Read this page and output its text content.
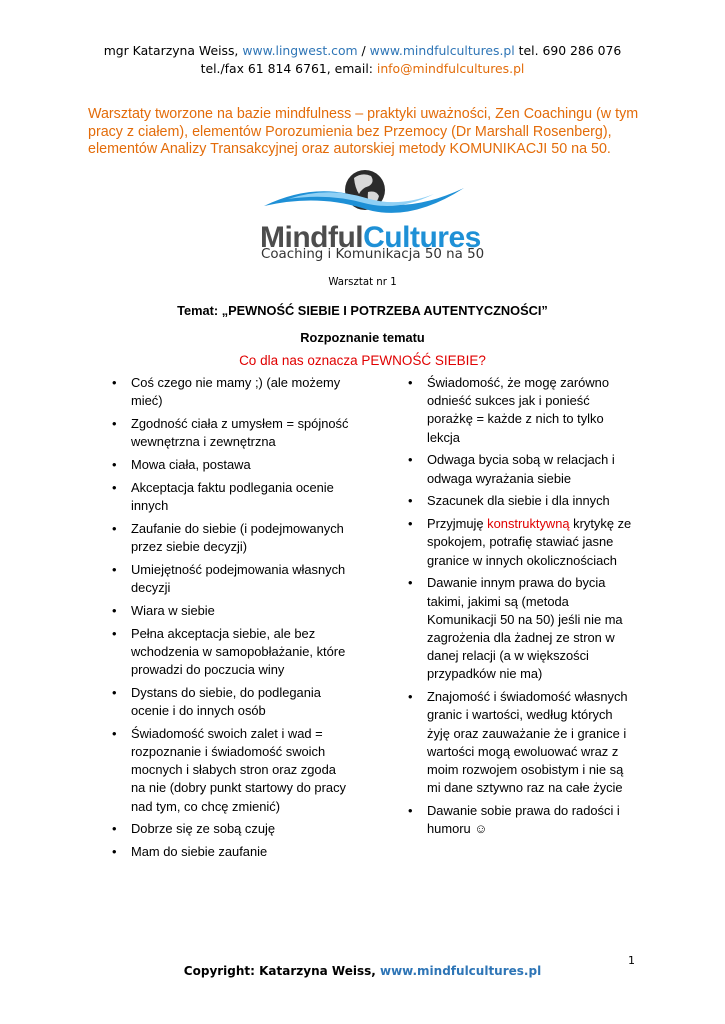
mgr Katarzyna Weiss, www.lingwest.com / www.mindfulcultures.pl tel. 690 286 076
tel./fax 61 814 6761, email: info@mindfulcultures.pl
Warsztaty tworzone na bazie mindfulness – praktyki uważności, Zen Coachingu (w tym pracy z ciałem), elementów Porozumienia bez Przemocy (Dr Marshall Rosenberg), elementów Analizy Transakcyjnej oraz autorskiej metody KOMUNIKACJI 50 na 50.
MindfulCultures
Coaching i Komunikacja 50 na 50
Warsztat nr 1
Temat: „PEWNOŚĆ SIEBIE I POTRZEBA AUTENTYCZNOŚCI”
Rozpoznanie tematu
Co dla nas oznacza PEWNOŚĆ SIEBIE?
• Coś czego nie mamy ;) (ale możemy mieć)
• Zgodność ciała z umysłem = spójność wewnętrzna i zewnętrzna
• Mowa ciała, postawa
• Akceptacja faktu podlegania ocenie innych
• Zaufanie do siebie (i podejmowanych przez siebie decyzji)
• Umiejętność podejmowania własnych decyzji
• Wiara w siebie
• Pełna akceptacja siebie, ale bez wchodzenia w samopobłażanie, które prowadzi do poczucia winy
• Dystans do siebie, do podlegania ocenie i do innych osób
• Świadomość swoich zalet i wad = rozpoznanie i świadomość swoich mocnych i słabych stron oraz zgoda na nie (dobry punkt startowy do pracy nad tym, co chcę zmienić)
• Dobrze się ze sobą czuję
• Mam do siebie zaufanie
• Świadomość, że mogę zarówno odnieść sukces jak i ponieść porażkę = każde z nich to tylko lekcja
• Odwaga bycia sobą w relacjach i odwaga wyrażania siebie
• Szacunek dla siebie i dla innych
• Przyjmuję konstruktywną krytykę ze spokojem, potrafię stawiać jasne granice w innych okolicznościach
• Dawanie innym prawa do bycia takimi, jakimi są (metoda Komunikacji 50 na 50) jeśli nie ma zagrożenia dla żadnej ze stron w danej relacji (a w większości przypadków nie ma)
• Znajomość i świadomość własnych granic i wartości, według których żyję oraz zauważanie że i granice i wartości mogą ewoluować wraz z moim rozwojem osobistym i nie są mi dane sztywno raz na całe życie
• Dawanie sobie prawa do radości i humoru ☺
1
Copyright: Katarzyna Weiss, www.mindfulcultures.pl
